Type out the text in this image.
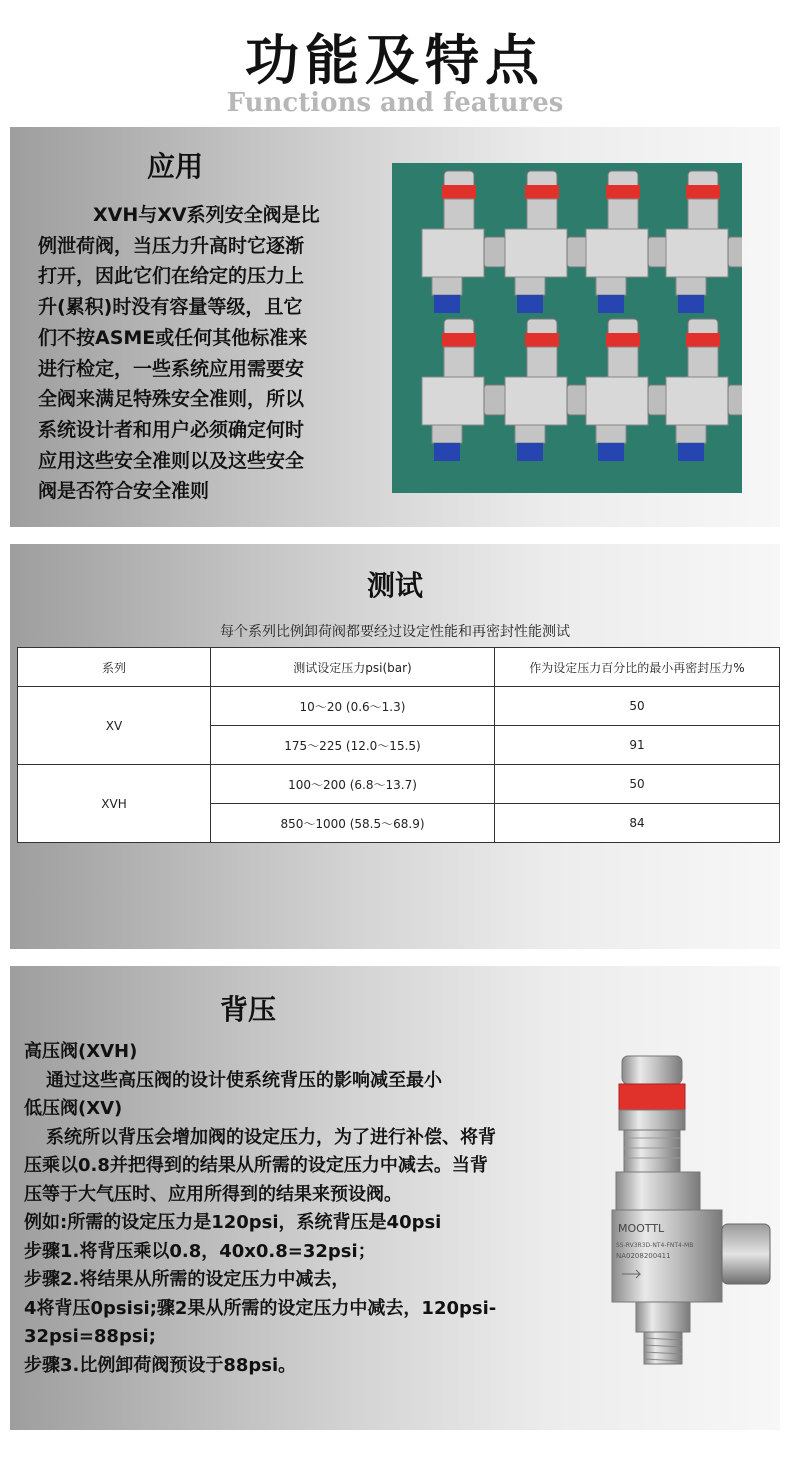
功能及特点
Functions and features
应用
XVH与XV系列安全阀是比
例泄荷阀，当压力升高时它逐渐
打开，因此它们在给定的压力上
升(累积)时没有容量等级，且它
们不按ASME或任何其他标准来
进行检定，一些系统应用需要安
全阀来满足特殊安全准则，所以
系统设计者和用户必须确定何时
应用这些安全准则以及这些安全
阀是否符合安全准则
测试
每个系列比例卸荷阀都要经过设定性能和再密封性能测试
系列	测试设定压力psi(bar)	作为设定压力百分比的最小再密封压力%
XV	10～20 (0.6～1.3)	50
	175～225 (12.0～15.5)	91
XVH	100～200 (6.8～13.7)	50
	850～1000 (58.5～68.9)	84
背压
高压阀(XVH)
通过这些高压阀的设计使系统背压的影响减至最小
低压阀(XV)
系统所以背压会增加阀的设定压力，为了进行补偿、将背
压乘以0.8并把得到的结果从所需的设定压力中减去。当背
压等于大气压时、应用所得到的结果来预设阀。
例如:所需的设定压力是120psi，系统背压是40psi
步骤1.将背压乘以0.8，40x0.8=32psi；
步骤2.将结果从所需的设定压力中减去，
4将背压0psisi;骤2果从所需的设定压力中减去，120psi-
32psi=88psi;
步骤3.比例卸荷阀预设于88psi。
MOOTTL
SS-RV3R3D-NT4-FNT4-MB
NA0208200411
